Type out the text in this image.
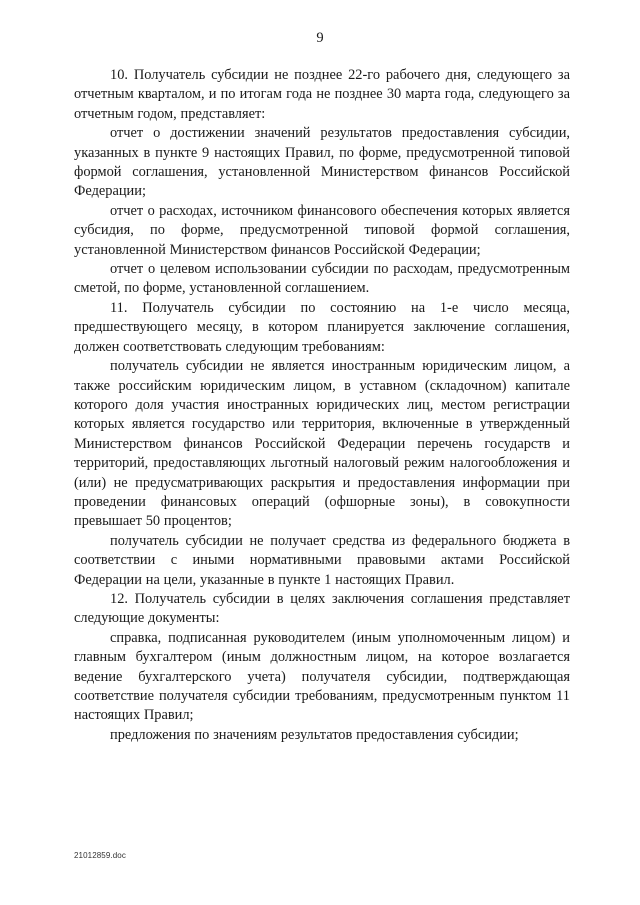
9

10. Получатель субсидии не позднее 22-го рабочего дня, следующего за отчетным кварталом, и по итогам года не позднее 30 марта года, следующего за отчетным годом, представляет:

отчет о достижении значений результатов предоставления субсидии, указанных в пункте 9 настоящих Правил, по форме, предусмотренной типовой формой соглашения, установленной Министерством финансов Российской Федерации;

отчет о расходах, источником финансового обеспечения которых является субсидия, по форме, предусмотренной типовой формой соглашения, установленной Министерством финансов Российской Федерации;

отчет о целевом использовании субсидии по расходам, предусмотренным сметой, по форме, установленной соглашением.

11. Получатель субсидии по состоянию на 1-е число месяца, предшествующего месяцу, в котором планируется заключение соглашения, должен соответствовать следующим требованиям:

получатель субсидии не является иностранным юридическим лицом, а также российским юридическим лицом, в уставном (складочном) капитале которого доля участия иностранных юридических лиц, местом регистрации которых является государство или территория, включенные в утвержденный Министерством финансов Российской Федерации перечень государств и территорий, предоставляющих льготный налоговый режим налогообложения и (или) не предусматривающих раскрытия и предоставления информации при проведении финансовых операций (офшорные зоны), в совокупности превышает 50 процентов;

получатель субсидии не получает средства из федерального бюджета в соответствии с иными нормативными правовыми актами Российской Федерации на цели, указанные в пункте 1 настоящих Правил.

12. Получатель субсидии в целях заключения соглашения представляет следующие документы:

справка, подписанная руководителем (иным уполномоченным лицом) и главным бухгалтером (иным должностным лицом, на которое возлагается ведение бухгалтерского учета) получателя субсидии, подтверждающая соответствие получателя субсидии требованиям, предусмотренным пунктом 11 настоящих Правил;

предложения по значениям результатов предоставления субсидии;

21012859.doc
